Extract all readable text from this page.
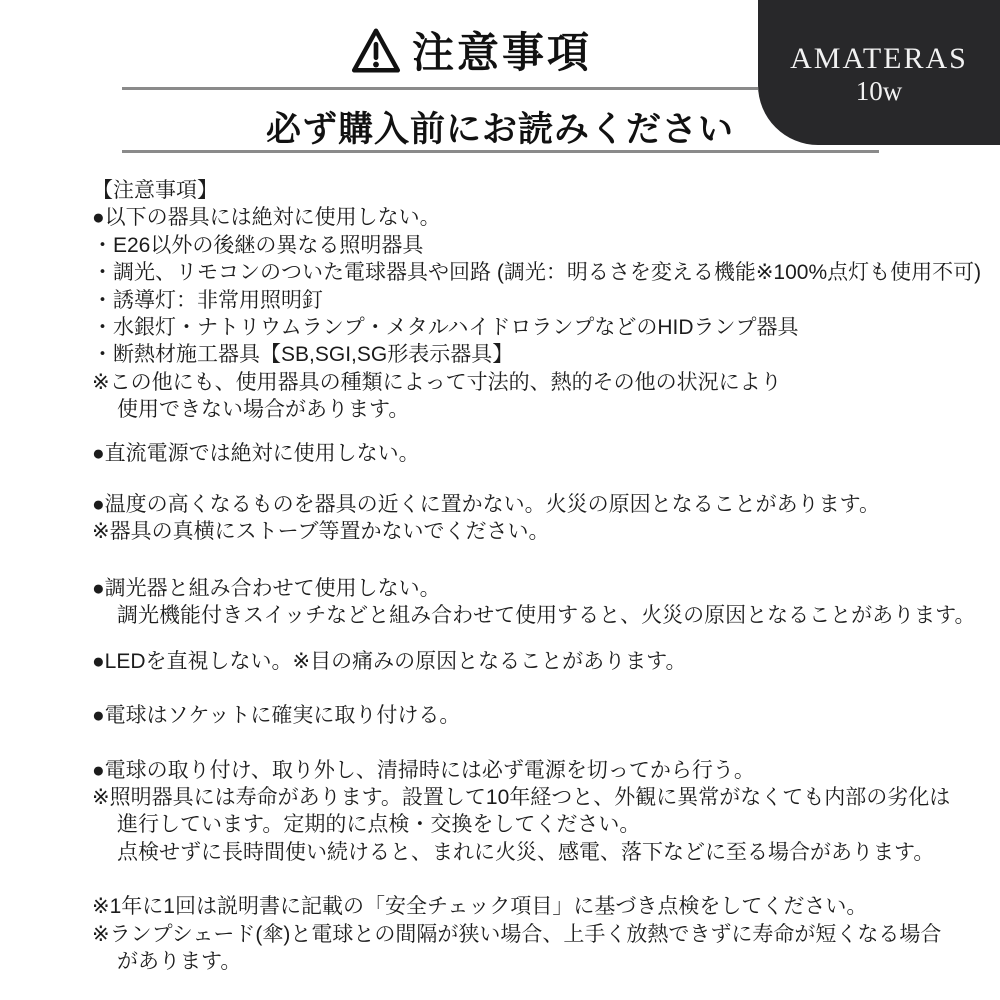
AMATERAS
10w
注意事項
必ず購入前にお読みください
【注意事項】
●以下の器具には絶対に使用しない。
・E26以外の後継の異なる照明器具
・調光、リモコンのついた電球器具や回路 (調光：明るさを変える機能※100%点灯も使用不可)
・誘導灯：非常用照明釘
・水銀灯・ナトリウムランプ・メタルハイドロランプなどのHIDランプ器具
・断熱材施工器具【SB,SGI,SG形表示器具】
※この他にも、使用器具の種類によって寸法的、熱的その他の状況により
使用できない場合があります。
●直流電源では絶対に使用しない。
●温度の高くなるものを器具の近くに置かない。火災の原因となることがあります。
※器具の真横にストーブ等置かないでください。
●調光器と組み合わせて使用しない。
調光機能付きスイッチなどと組み合わせて使用すると、火災の原因となることがあります。
●LEDを直視しない。※目の痛みの原因となることがあります。
●電球はソケットに確実に取り付ける。
●電球の取り付け、取り外し、清掃時には必ず電源を切ってから行う。
※照明器具には寿命があります。設置して10年経つと、外観に異常がなくても内部の劣化は
進行しています。定期的に点検・交換をしてください。
点検せずに長時間使い続けると、まれに火災、感電、落下などに至る場合があります。
※1年に1回は説明書に記載の「安全チェック項目」に基づき点検をしてください。
※ランプシェード(傘)と電球との間隔が狭い場合、上手く放熱できずに寿命が短くなる場合
があります。
